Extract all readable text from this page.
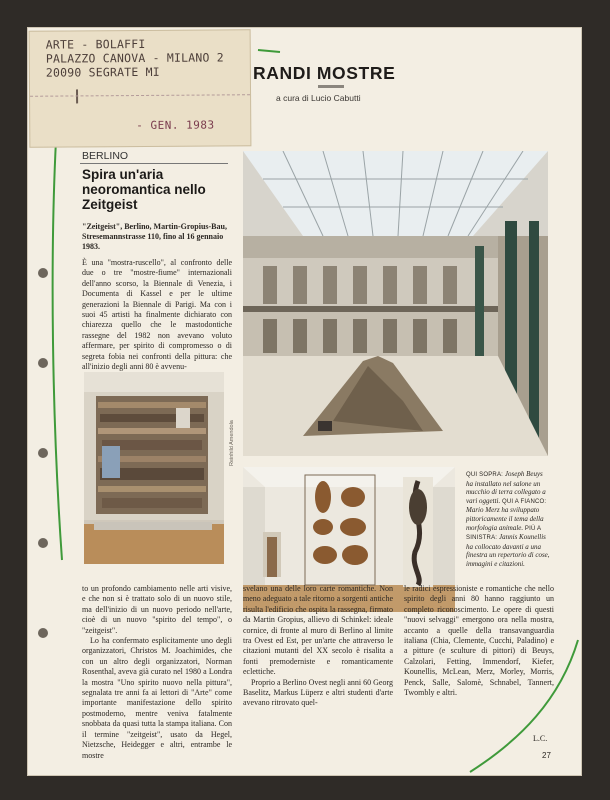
ARTE - BOLAFFI
PALAZZO CANOVA - MILANO 2
20090 SEGRATE MI
- GEN. 1983
RANDI MOSTRE
a cura di Lucio Cabutti
BERLINO
Spira un'aria neoromantica nello Zeitgeist
"Zeitgeist", Berlino, Martin-Gropius-Bau, Stresemannstrasse 110, fino al 16 gennaio 1983.
È una "mostra-ruscello", al confronto delle due o tre "mostre-fiume" internazionali dell'anno scorso, la Biennale di Venezia, i Documenta di Kassel e per le ultime generazioni la Biennale di Parigi. Ma con i suoi 45 artisti ha finalmente dichiarato con chiarezza quello che le mastodontiche rassegne del 1982 non avevano voluto affermare, per spirito di compromesso o di segreta fobia nei confronti della pittura: che all'inizio degli anni 80 è avvenu-
Reinhild Amendola
QUI SOPRA: Joseph Beuys ha installato nel salone un mucchio di terra collegato a vari oggetti. QUI A FIANCO: Mario Merz ha sviluppato pittoricamente il tema della morfologia animale. PIÙ A SINISTRA: Jannis Kounellis ha collocato davanti a una finestra un repertorio di cose, immagini e citazioni.

to un profondo cambiamento nelle arti visive, e che non si è trattato solo di un nuovo stile, ma dell'inizio di un nuovo periodo nell'arte, cioè di un nuovo "spirito del tempo", o "zeitgeist".

Lo ha confermato esplicitamente uno degli organizzatori, Christos M. Joachimides, che con un altro degli organizzatori, Norman Rosenthal, aveva già curato nel 1980 a Londra la mostra "Uno spirito nuovo nella pittura", segnalata tre anni fa ai lettori di "Arte" come importante manifestazione dello spirito postmoderno, mentre veniva fatalmente snobbata da quasi tutta la stampa italiana. Con il termine "zeitgeist", usato da Hegel, Nietzsche, Heidegger e altri, entrambe le mostre

svelano una delle loro carte romantiche. Non meno adeguato a tale ritorno a sorgenti antiche risulta l'edificio che ospita la rassegna, firmato da Martin Gropius, allievo di Schinkel: ideale cornice, di fronte al muro di Berlino al limite tra Ovest ed Est, per un'arte che attraverso le citazioni mutanti del XX secolo è risalita a fonti premoderniste e romanticamente eclettiche.

Proprio a Berlino Ovest negli anni 60 Georg Baselitz, Markus Lüperz e altri studenti d'arte avevano ritrovato quel-

le radici espressioniste e romantiche che nello spirito degli anni 80 hanno raggiunto un completo riconoscimento. Le opere di questi "nuovi selvaggi" emergono ora nella mostra, accanto a quelle della transavanguardia italiana (Chia, Clemente, Cucchi, Paladino) e a pitture (e sculture di pittori) di Beuys, Calzolari, Fetting, Immendorf, Kiefer, Kounellis, McLean, Merz, Morley, Morris, Penck, Salle, Salomè, Schnabel, Tannert, Twombly e altri.

L.C.
27
